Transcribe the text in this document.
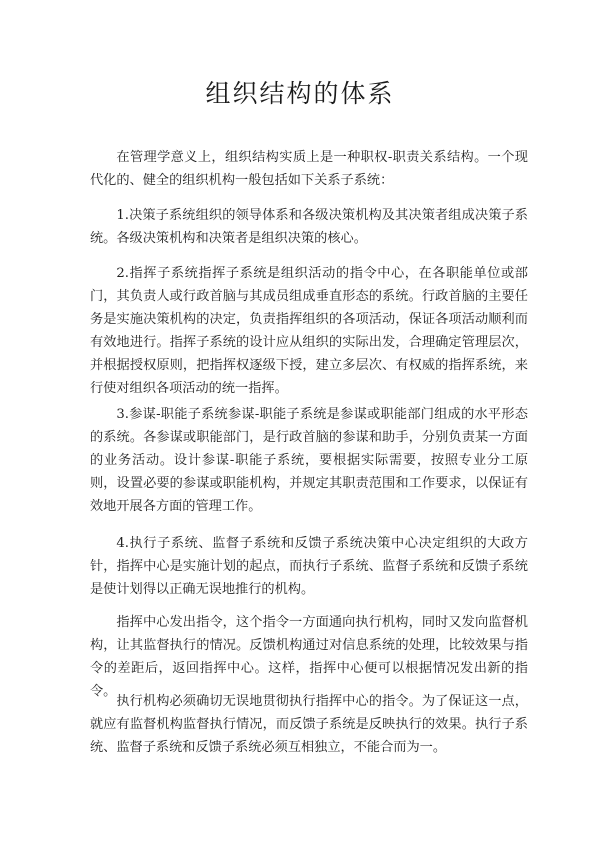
组织结构的体系

在管理学意义上，组织结构实质上是一种职权-职责关系结构。一个现代化的、健全的组织机构一般包括如下关系子系统：

1.决策子系统组织的领导体系和各级决策机构及其决策者组成决策子系统。各级决策机构和决策者是组织决策的核心。

2.指挥子系统指挥子系统是组织活动的指令中心，在各职能单位或部门，其负责人或行政首脑与其成员组成垂直形态的系统。行政首脑的主要任务是实施决策机构的决定，负责指挥组织的各项活动，保证各项活动顺利而有效地进行。指挥子系统的设计应从组织的实际出发，合理确定管理层次，并根据授权原则，把指挥权逐级下授，建立多层次、有权威的指挥系统，来行使对组织各项活动的统一指挥。

3.参谋-职能子系统参谋-职能子系统是参谋或职能部门组成的水平形态的系统。各参谋或职能部门，是行政首脑的参谋和助手，分别负责某一方面的业务活动。设计参谋-职能子系统，要根据实际需要，按照专业分工原则，设置必要的参谋或职能机构，并规定其职责范围和工作要求，以保证有效地开展各方面的管理工作。

4.执行子系统、监督子系统和反馈子系统决策中心决定组织的大政方针，指挥中心是实施计划的起点，而执行子系统、监督子系统和反馈子系统是使计划得以正确无误地推行的机构。

指挥中心发出指令，这个指令一方面通向执行机构，同时又发向监督机构，让其监督执行的情况。反馈机构通过对信息系统的处理，比较效果与指令的差距后，返回指挥中心。这样，指挥中心便可以根据情况发出新的指令。

执行机构必须确切无误地贯彻执行指挥中心的指令。为了保证这一点，就应有监督机构监督执行情况，而反馈子系统是反映执行的效果。执行子系统、监督子系统和反馈子系统必须互相独立，不能合而为一。
